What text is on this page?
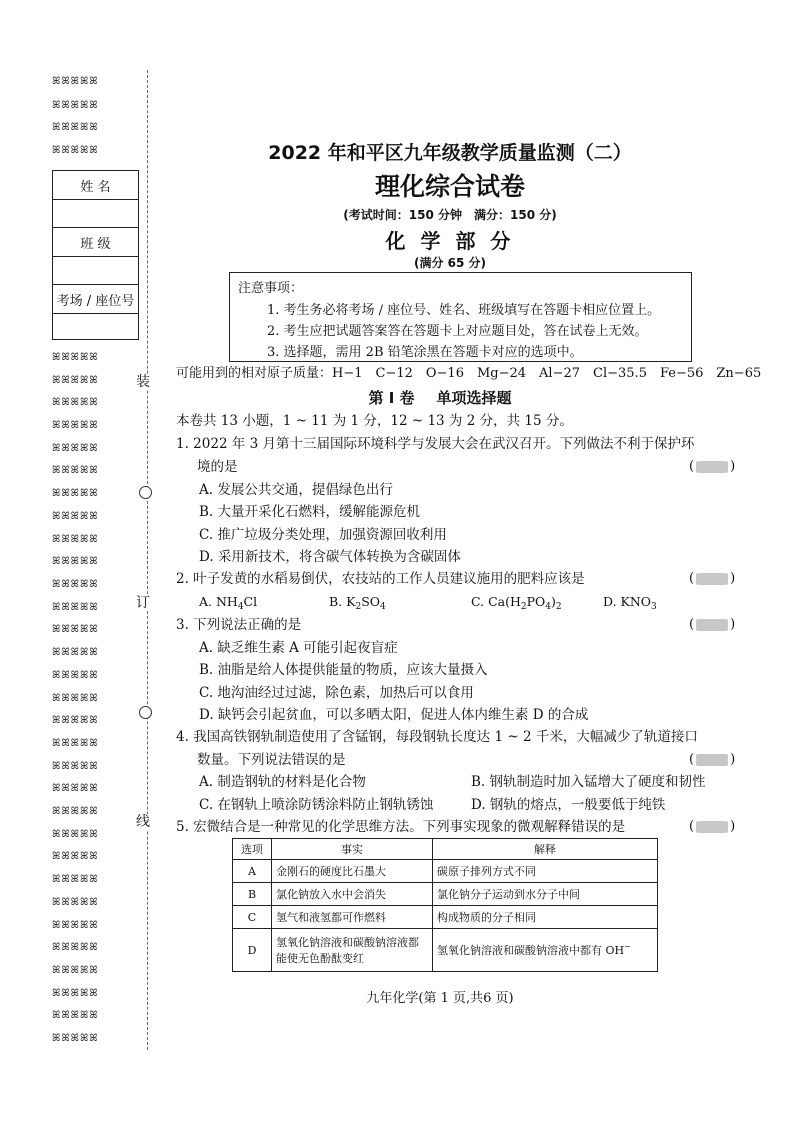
ꕤꕤꕤꕤꕤ
ꕤꕤꕤꕤꕤ
ꕤꕤꕤꕤꕤ
ꕤꕤꕤꕤꕤ
姓 名
班 级
考场 / 座位号
ꕤꕤꕤꕤꕤ
ꕤꕤꕤꕤꕤ
ꕤꕤꕤꕤꕤ
ꕤꕤꕤꕤꕤ
ꕤꕤꕤꕤꕤ
ꕤꕤꕤꕤꕤ
ꕤꕤꕤꕤꕤ
ꕤꕤꕤꕤꕤ
ꕤꕤꕤꕤꕤ
ꕤꕤꕤꕤꕤ
ꕤꕤꕤꕤꕤ
ꕤꕤꕤꕤꕤ
ꕤꕤꕤꕤꕤ
ꕤꕤꕤꕤꕤ
ꕤꕤꕤꕤꕤ
ꕤꕤꕤꕤꕤ
ꕤꕤꕤꕤꕤ
ꕤꕤꕤꕤꕤ
ꕤꕤꕤꕤꕤ
ꕤꕤꕤꕤꕤ
ꕤꕤꕤꕤꕤ
ꕤꕤꕤꕤꕤ
ꕤꕤꕤꕤꕤ
ꕤꕤꕤꕤꕤ
ꕤꕤꕤꕤꕤ
ꕤꕤꕤꕤꕤ
ꕤꕤꕤꕤꕤ
ꕤꕤꕤꕤꕤ
ꕤꕤꕤꕤꕤ
ꕤꕤꕤꕤꕤ
ꕤꕤꕤꕤꕤ
装
订
线
2022 年和平区九年级教学质量监测（二）
理化综合试卷
(考试时间：150 分钟　满分：150 分)
化 学 部 分
(满分 65 分)
注意事项：
1. 考生务必将考场 / 座位号、姓名、班级填写在答题卡相应位置上。
2. 考生应把试题答案答在答题卡上对应题目处，答在试卷上无效。
3. 选择题，需用 2B 铅笔涂黑在答题卡对应的选项中。
可能用到的相对原子质量：H−1　C−12　O−16　Mg−24　Al−27　Cl−35.5　Fe−56　Zn−65
第 I 卷 单项选择题
本卷共 13 小题，1 ~ 11 为 1 分，12 ~ 13 为 2 分，共 15 分。
1. 2022 年 3 月第十三届国际环境科学与发展大会在武汉召开。下列做法不利于保护环
境的是	(	)
A. 发展公共交通，提倡绿色出行
B. 大量开采化石燃料，缓解能源危机
C. 推广垃圾分类处理，加强资源回收利用
D. 采用新技术，将含碳气体转换为含碳固体
2. 叶子发黄的水稻易倒伏，农技站的工作人员建议施用的肥料应该是	(	)
A. $NH_4Cl$	B. $K_2SO_4$	C. $Ca(H_2PO_4)_2$	D. $KNO_3$
3. 下列说法正确的是	(	)
A. 缺乏维生素 A 可能引起夜盲症
B. 油脂是给人体提供能量的物质，应该大量摄入
C. 地沟油经过过滤，除色素，加热后可以食用
D. 缺钙会引起贫血，可以多晒太阳，促进人体内维生素 D 的合成
4. 我国高铁钢轨制造使用了含锰钢，每段钢轨长度达 1 ~ 2 千米，大幅减少了轨道接口
数量。下列说法错误的是	(	)
A. 制造钢轨的材料是化合物	B. 钢轨制造时加入锰增大了硬度和韧性
C. 在钢轨上喷涂防锈涂料防止钢轨锈蚀	D. 钢轨的熔点，一般要低于纯铁
5. 宏微结合是一种常见的化学思维方法。下列事实现象的微观解释错误的是	(	)
选项	事实	解释
A	金刚石的硬度比石墨大	碳原子排列方式不同
B	氯化钠放入水中会消失	氯化钠分子运动到水分子中间
C	氢气和液氢都可作燃料	构成物质的分子相同
D	氢氧化钠溶液和碳酸钠溶液都能使无色酚酞变红	氢氧化钠溶液和碳酸钠溶液中都有 OH−
九年化学(第 1 页,共6 页)
